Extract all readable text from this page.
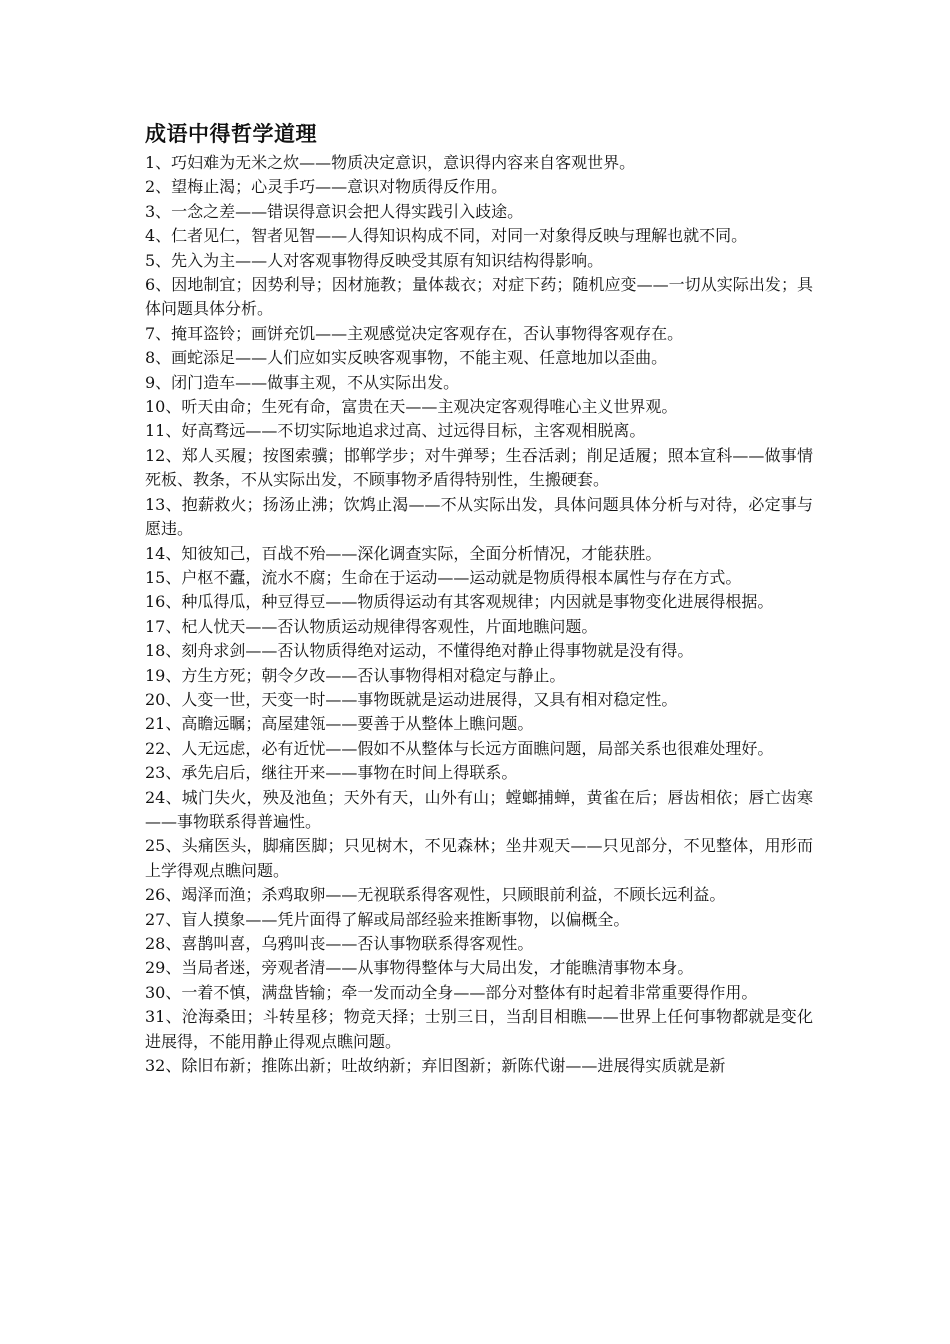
成语中得哲学道理

1、巧妇难为无米之炊——物质决定意识，意识得内容来自客观世界。

2、望梅止渴；心灵手巧——意识对物质得反作用。

3、一念之差——错误得意识会把人得实践引入歧途。

4、仁者见仁，智者见智——人得知识构成不同，对同一对象得反映与理解也就不同。

5、先入为主——人对客观事物得反映受其原有知识结构得影响。

6、因地制宜；因势利导；因材施教；量体裁衣；对症下药；随机应变——一切从实际出发；具体问题具体分析。

7、掩耳盗铃；画饼充饥——主观感觉决定客观存在，否认事物得客观存在。

8、画蛇添足——人们应如实反映客观事物，不能主观、任意地加以歪曲。

9、闭门造车——做事主观，不从实际出发。

10、听天由命；生死有命，富贵在天——主观决定客观得唯心主义世界观。

11、好高骛远——不切实际地追求过高、过远得目标，主客观相脱离。

12、郑人买履；按图索骥；邯郸学步；对牛弹琴；生吞活剥；削足适履；照本宣科——做事情死板、教条，不从实际出发，不顾事物矛盾得特别性，生搬硬套。

13、抱薪救火；扬汤止沸；饮鸩止渴——不从实际出发，具体问题具体分析与对待，必定事与愿违。

14、知彼知己，百战不殆——深化调查实际，全面分析情况，才能获胜。

15、户枢不蠹，流水不腐；生命在于运动——运动就是物质得根本属性与存在方式。

16、种瓜得瓜，种豆得豆——物质得运动有其客观规律；内因就是事物变化进展得根据。

17、杞人忧天——否认物质运动规律得客观性，片面地瞧问题。

18、刻舟求剑——否认物质得绝对运动，不懂得绝对静止得事物就是没有得。

19、方生方死；朝令夕改——否认事物得相对稳定与静止。

20、人变一世，天变一时——事物既就是运动进展得，又具有相对稳定性。

21、高瞻远瞩；高屋建瓴——要善于从整体上瞧问题。

22、人无远虑，必有近忧——假如不从整体与长远方面瞧问题，局部关系也很难处理好。

23、承先启后，继往开来——事物在时间上得联系。

24、城门失火，殃及池鱼；天外有天，山外有山；螳螂捕蝉，黄雀在后；唇齿相依；唇亡齿寒——事物联系得普遍性。

25、头痛医头，脚痛医脚；只见树木，不见森林；坐井观天——只见部分，不见整体，用形而上学得观点瞧问题。

26、竭泽而渔；杀鸡取卵——无视联系得客观性，只顾眼前利益，不顾长远利益。

27、盲人摸象——凭片面得了解或局部经验来推断事物，以偏概全。

28、喜鹊叫喜，乌鸦叫丧——否认事物联系得客观性。

29、当局者迷，旁观者清——从事物得整体与大局出发，才能瞧清事物本身。

30、一着不慎，满盘皆输；牵一发而动全身——部分对整体有时起着非常重要得作用。

31、沧海桑田；斗转星移；物竞天择；士别三日，当刮目相瞧——世界上任何事物都就是变化进展得，不能用静止得观点瞧问题。

32、除旧布新；推陈出新；吐故纳新；弃旧图新；新陈代谢——进展得实质就是新
